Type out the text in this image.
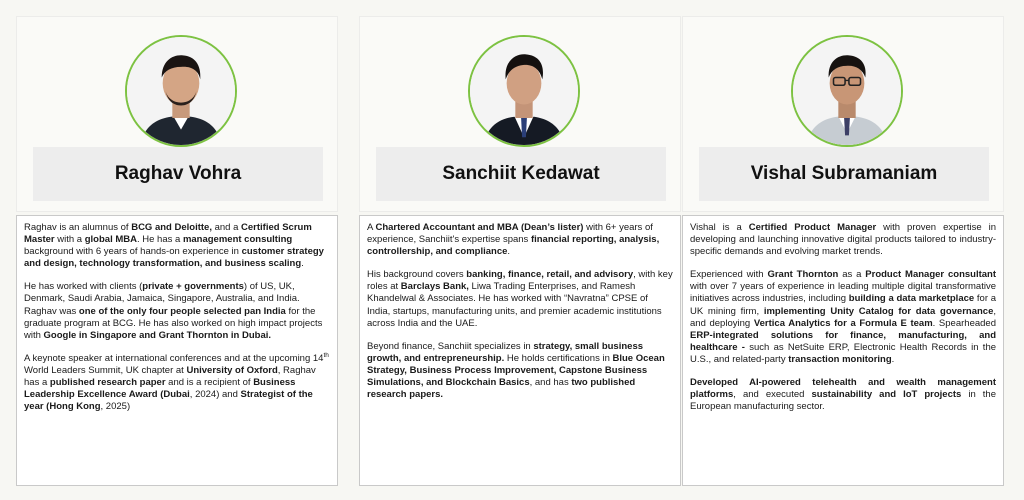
Raghav Vohra

Raghav is an alumnus of BCG and Deloitte, and a Certified Scrum Master with a global MBA. He has a management consulting background with 6 years of hands-on experience in customer strategy and design, technology transformation, and business scaling.

He has worked with clients (private + governments) of US, UK, Denmark, Saudi Arabia, Jamaica, Singapore, Australia, and India. Raghav was one of the only four people selected pan India for the graduate program at BCG. He has also worked on high impact projects with Google in Singapore and Grant Thornton in Dubai.

A keynote speaker at international conferences and at the upcoming 14th World Leaders Summit, UK chapter at University of Oxford, Raghav has a published research paper and is a recipient of Business Leadership Excellence Award (Dubai, 2024) and Strategist of the year (Hong Kong, 2025)

Sanchiit Kedawat

A Chartered Accountant and MBA (Dean’s lister) with 6+ years of experience, Sanchiit's expertise spans financial reporting, analysis, controllership, and compliance.

His background covers banking, finance, retail, and advisory, with key roles at Barclays Bank, Liwa Trading Enterprises, and Ramesh Khandelwal & Associates. He has worked with “Navratna” CPSE of India, startups, manufacturing units, and premier academic institutions across India and the UAE.

Beyond finance, Sanchiit specializes in strategy, small business growth, and entrepreneurship. He holds certifications in Blue Ocean Strategy, Business Process Improvement, Capstone Business Simulations, and Blockchain Basics, and has two published research papers.

Vishal Subramaniam

Vishal is a Certified Product Manager with proven expertise in developing and launching innovative digital products tailored to industry-specific demands and evolving market trends.

Experienced with Grant Thornton as a Product Manager consultant with over 7 years of experience in leading multiple digital transformative initiatives across industries, including building a data marketplace for a UK mining firm, implementing Unity Catalog for data governance, and deploying Vertica Analytics for a Formula E team. Spearheaded ERP-integrated solutions for finance, manufacturing, and healthcare - such as NetSuite ERP, Electronic Health Records in the U.S., and related-party transaction monitoring.

Developed AI-powered telehealth and wealth management platforms, and executed sustainability and IoT projects in the European manufacturing sector.
